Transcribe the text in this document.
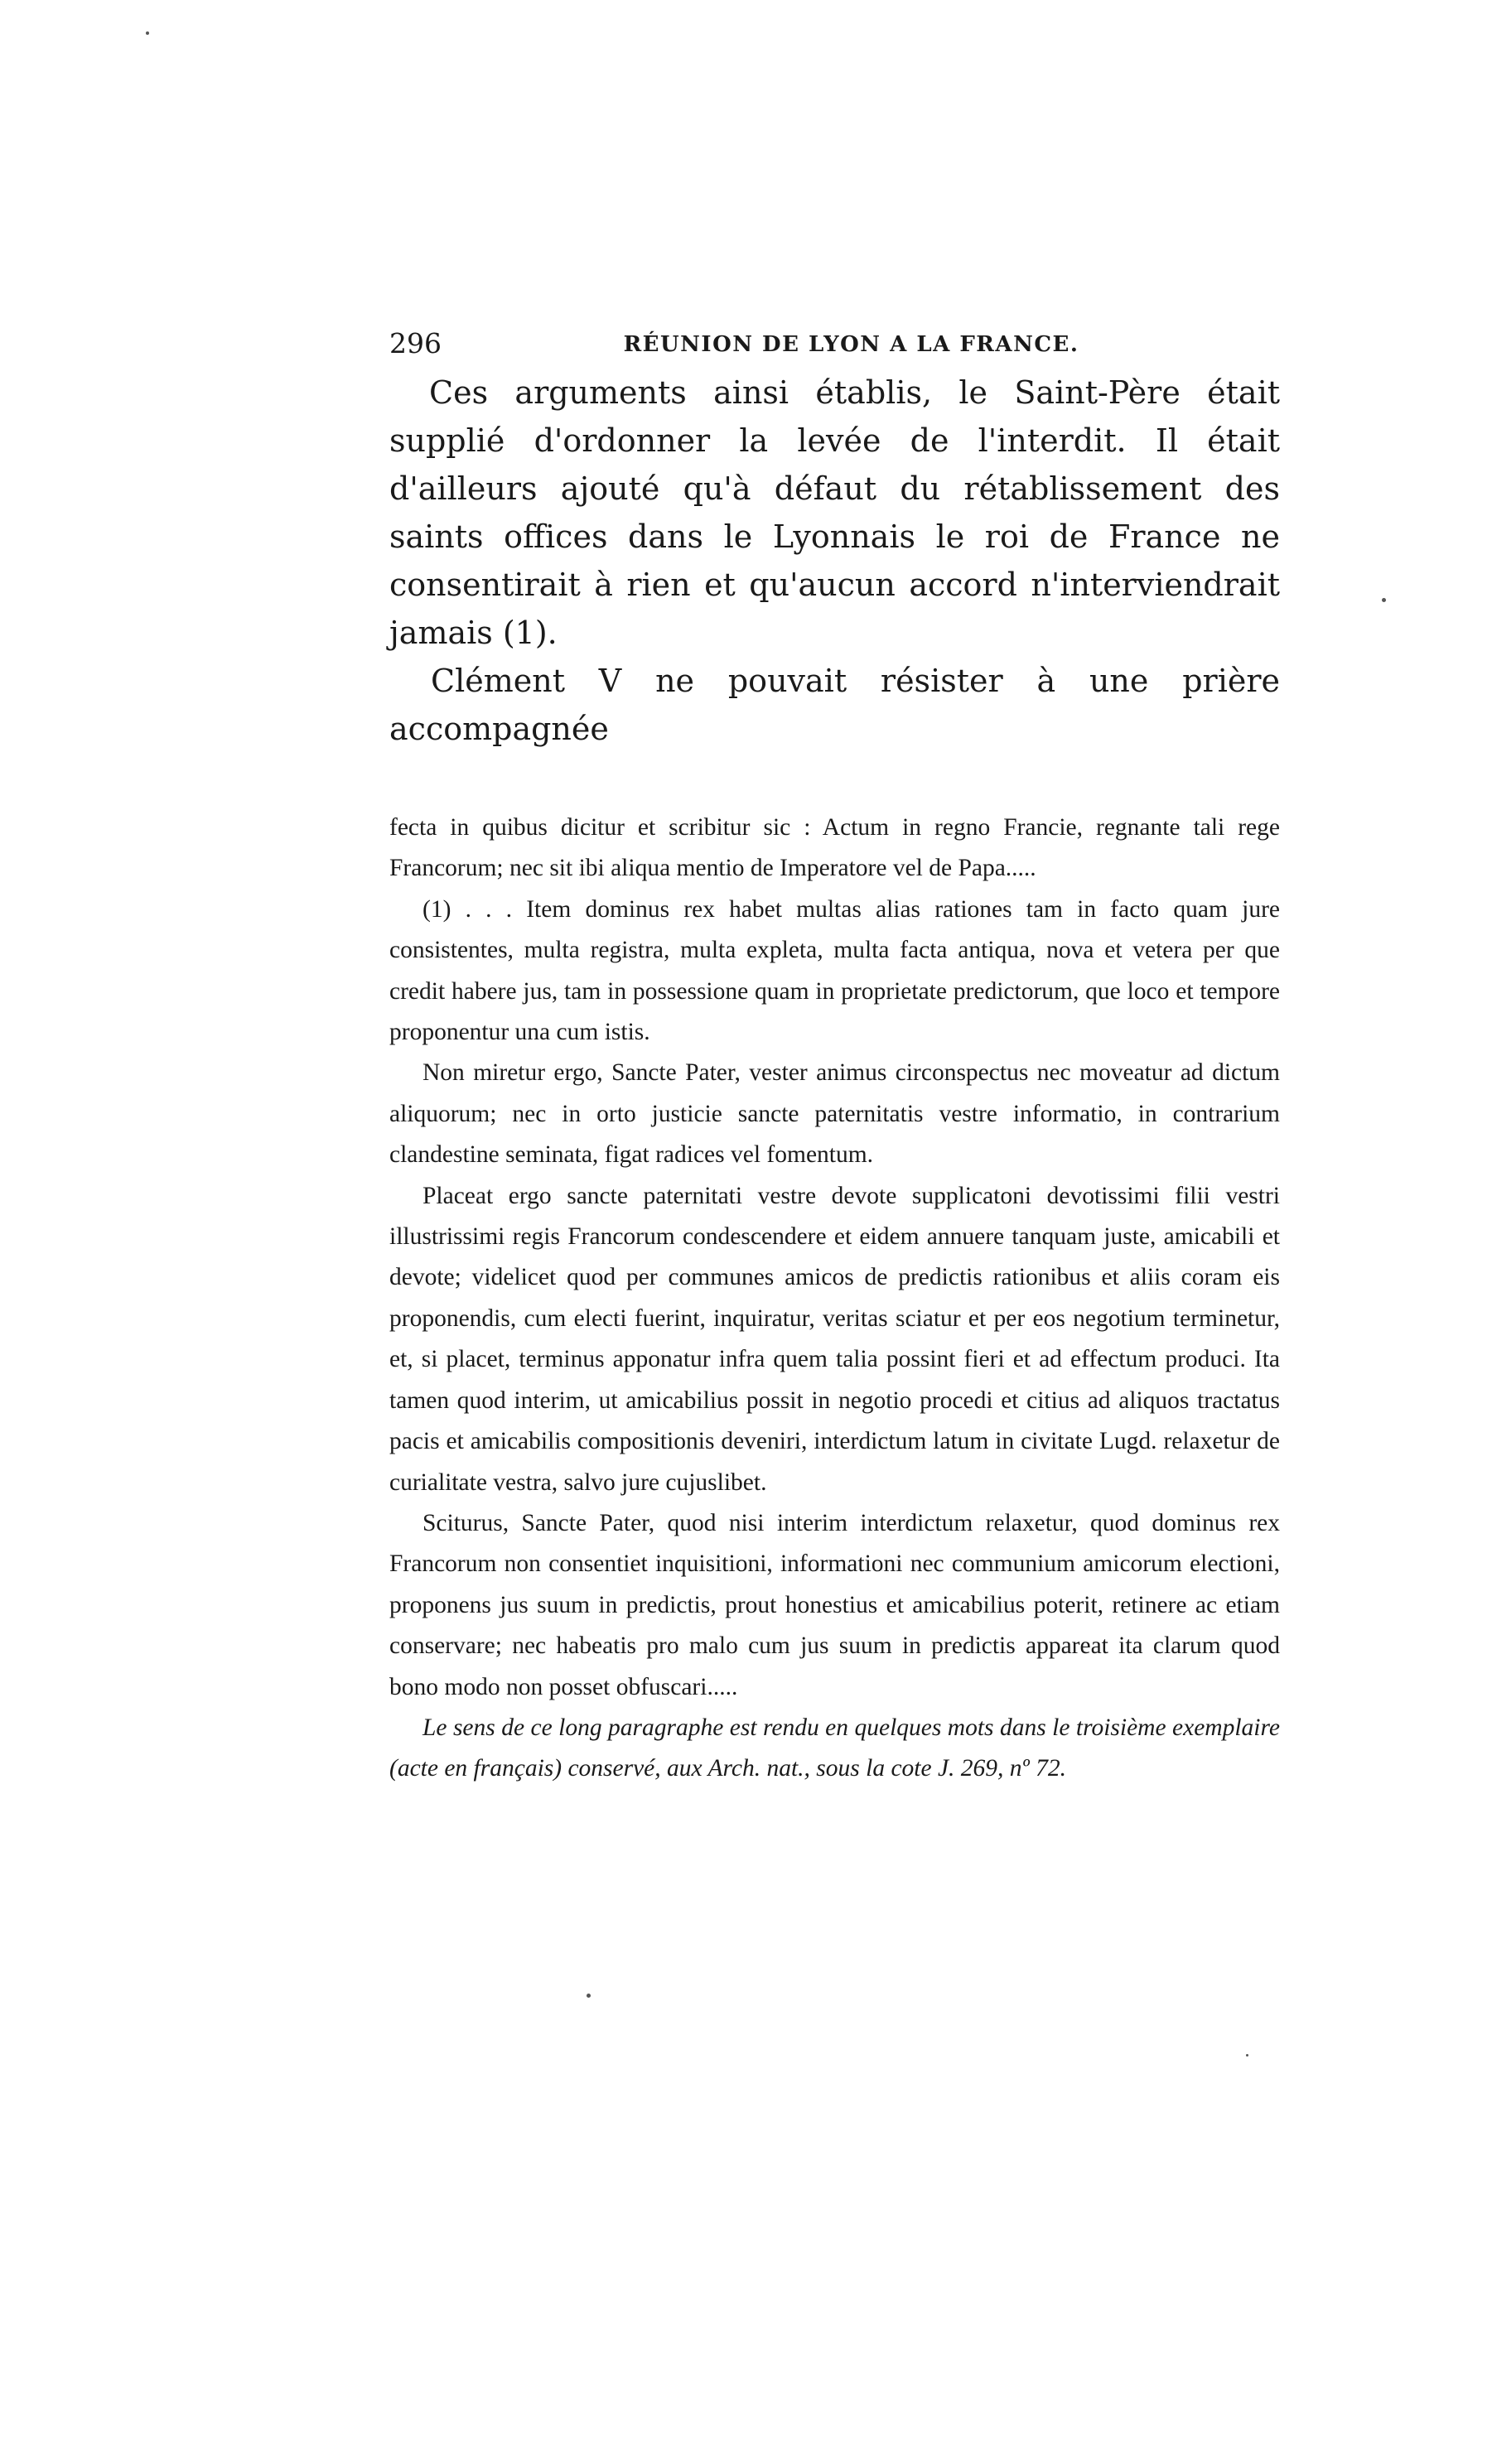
296	RÉUNION DE LYON A LA FRANCE.

Ces arguments ainsi établis, le Saint-Père était supplié d'ordonner la levée de l'interdit. Il était d'ailleurs ajouté qu'à défaut du rétablissement des saints offices dans le Lyonnais le roi de France ne consentirait à rien et qu'aucun accord n'interviendrait jamais (1).

Clément V ne pouvait résister à une prière accompagnée

fecta in quibus dicitur et scribitur sic : Actum in regno Francie, regnante tali rege Francorum; nec sit ibi aliqua mentio de Imperatore vel de Papa.....

(1) . . . Item dominus rex habet multas alias rationes tam in facto quam jure consistentes, multa registra, multa expleta, multa facta antiqua, nova et vetera per que credit habere jus, tam in possessione quam in proprietate predictorum, que loco et tempore proponentur una cum istis.

Non miretur ergo, Sancte Pater, vester animus circonspectus nec moveatur ad dictum aliquorum; nec in orto justicie sancte paternitatis vestre informatio, in contrarium clandestine seminata, figat radices vel fomentum.

Placeat ergo sancte paternitati vestre devote supplicatoni devotissimi filii vestri illustrissimi regis Francorum condescendere et eidem annuere tanquam juste, amicabili et devote; videlicet quod per communes amicos de predictis rationibus et aliis coram eis proponendis, cum electi fuerint, inquiratur, veritas sciatur et per eos negotium terminetur, et, si placet, terminus apponatur infra quem talia possint fieri et ad effectum produci. Ita tamen quod interim, ut amicabilius possit in negotio procedi et citius ad aliquos tractatus pacis et amicabilis compositionis deveniri, interdictum latum in civitate Lugd. relaxetur de curialitate vestra, salvo jure cujuslibet.

Sciturus, Sancte Pater, quod nisi interim interdictum relaxetur, quod dominus rex Francorum non consentiet inquisitioni, informationi nec communium amicorum electioni, proponens jus suum in predictis, prout honestius et amicabilius poterit, retinere ac etiam conservare; nec habeatis pro malo cum jus suum in predictis appareat ita clarum quod bono modo non posset obfuscari.....

Le sens de ce long paragraphe est rendu en quelques mots dans le troisième exemplaire (acte en français) conservé, aux Arch. nat., sous la cote J. 269, nº 72.
